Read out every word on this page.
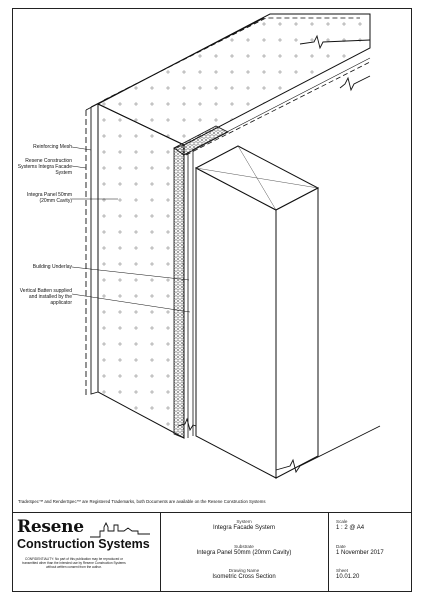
Reinforcing Mesh
Resene Construction Systems Integra Facade System
Integra Panel 50mm (20mm Cavity)
Building Underlay
Vertical Batten supplied and installed by the applicator
TradeSpec™ and RenderSpec™ are Registered Trademarks, both Documents are available on the Resene Construction Systems
Resene
Construction Systems
CONFIDENTIALITY: No part of this publication may be reproduced or transmitted other than the intended use by Resene Construction Systems without written consent from the author.
System
Integra Facade System
Substrate
Integra Panel 50mm (20mm Cavity)
Drawing Name
Isometric Cross Section
Scale
1 : 2 @ A4
Date
1 November 2017
Sheet
10.01.20
